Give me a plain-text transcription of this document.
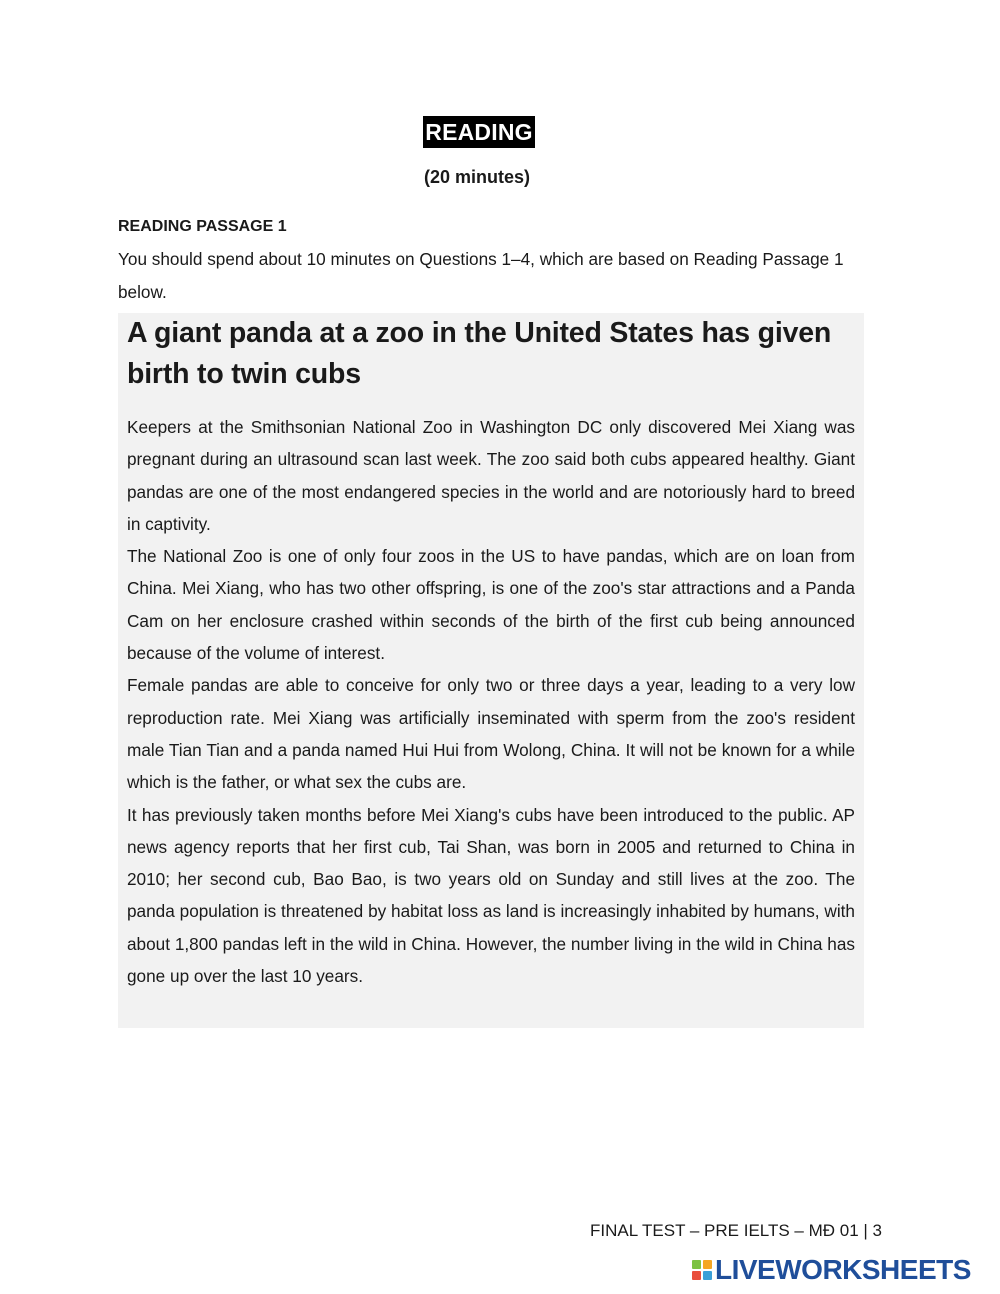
READING
(20 minutes)
READING PASSAGE 1
You should spend about 10 minutes on Questions 1–4, which are based on Reading Passage 1 below.
A giant panda at a zoo in the United States has given birth to twin cubs

Keepers at the Smithsonian National Zoo in Washington DC only discovered Mei Xiang was pregnant during an ultrasound scan last week. The zoo said both cubs appeared healthy. Giant pandas are one of the most endangered species in the world and are notoriously hard to breed in captivity.

The National Zoo is one of only four zoos in the US to have pandas, which are on loan from China. Mei Xiang, who has two other offspring, is one of the zoo's star attractions and a Panda Cam on her enclosure crashed within seconds of the birth of the first cub being announced because of the volume of interest.

Female pandas are able to conceive for only two or three days a year, leading to a very low reproduction rate. Mei Xiang was artificially inseminated with sperm from the zoo's resident male Tian Tian and a panda named Hui Hui from Wolong, China. It will not be known for a while which is the father, or what sex the cubs are.

It has previously taken months before Mei Xiang's cubs have been introduced to the public. AP news agency reports that her first cub, Tai Shan, was born in 2005 and returned to China in 2010; her second cub, Bao Bao, is two years old on Sunday and still lives at the zoo. The panda population is threatened by habitat loss as land is increasingly inhabited by humans, with about 1,800 pandas left in the wild in China. However, the number living in the wild in China has gone up over the last 10 years.

FINAL TEST – PRE IELTS – MĐ 01 | 3
LIVEWORKSHEETS
